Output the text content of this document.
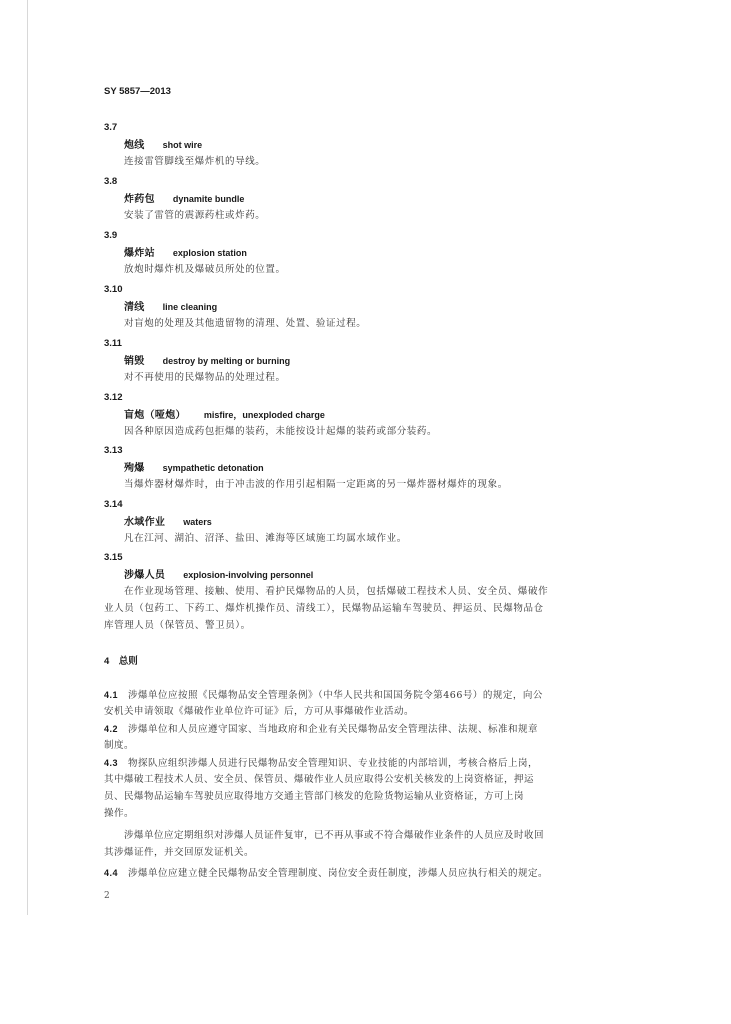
SY 5857—2013
3.7
炮线 shot wire
连接雷管脚线至爆炸机的导线。
3.8
炸药包 dynamite bundle
安装了雷管的震源药柱或炸药。
3.9
爆炸站 explosion station
放炮时爆炸机及爆破员所处的位置。
3.10
清线 line cleaning
对盲炮的处理及其他遗留物的清理、处置、验证过程。
3.11
销毁 destroy by melting or burning
对不再使用的民爆物品的处理过程。
3.12
盲炮（哑炮） misfire，unexploded charge
因各种原因造成药包拒爆的装药，未能按设计起爆的装药或部分装药。
3.13
殉爆 sympathetic detonation
当爆炸器材爆炸时，由于冲击波的作用引起相隔一定距离的另一爆炸器材爆炸的现象。
3.14
水域作业 waters
凡在江河、湖泊、沼泽、盐田、滩海等区域施工均属水域作业。
3.15
涉爆人员 explosion-involving personnel
在作业现场管理、接触、使用、看护民爆物品的人员，包括爆破工程技术人员、安全员、爆破作
业人员（包药工、下药工、爆炸机操作员、清线工），民爆物品运输车驾驶员、押运员、民爆物品仓
库管理人员（保管员、警卫员）。
4　总则
4.1 涉爆单位应按照《民爆物品安全管理条例》（中华人民共和国国务院令第466号）的规定，向公
安机关申请领取《爆破作业单位许可证》后，方可从事爆破作业活动。
4.2 涉爆单位和人员应遵守国家、当地政府和企业有关民爆物品安全管理法律、法规、标准和规章
制度。
4.3 物探队应组织涉爆人员进行民爆物品安全管理知识、专业技能的内部培训，考核合格后上岗，
其中爆破工程技术人员、安全员、保管员、爆破作业人员应取得公安机关核发的上岗资格证，押运
员、民爆物品运输车驾驶员应取得地方交通主管部门核发的危险货物运输从业资格证，方可上岗
操作。
涉爆单位应定期组织对涉爆人员证件复审，已不再从事或不符合爆破作业条件的人员应及时收回
其涉爆证件，并交回原发证机关。
4.4 涉爆单位应建立健全民爆物品安全管理制度、岗位安全责任制度，涉爆人员应执行相关的规定。
2
